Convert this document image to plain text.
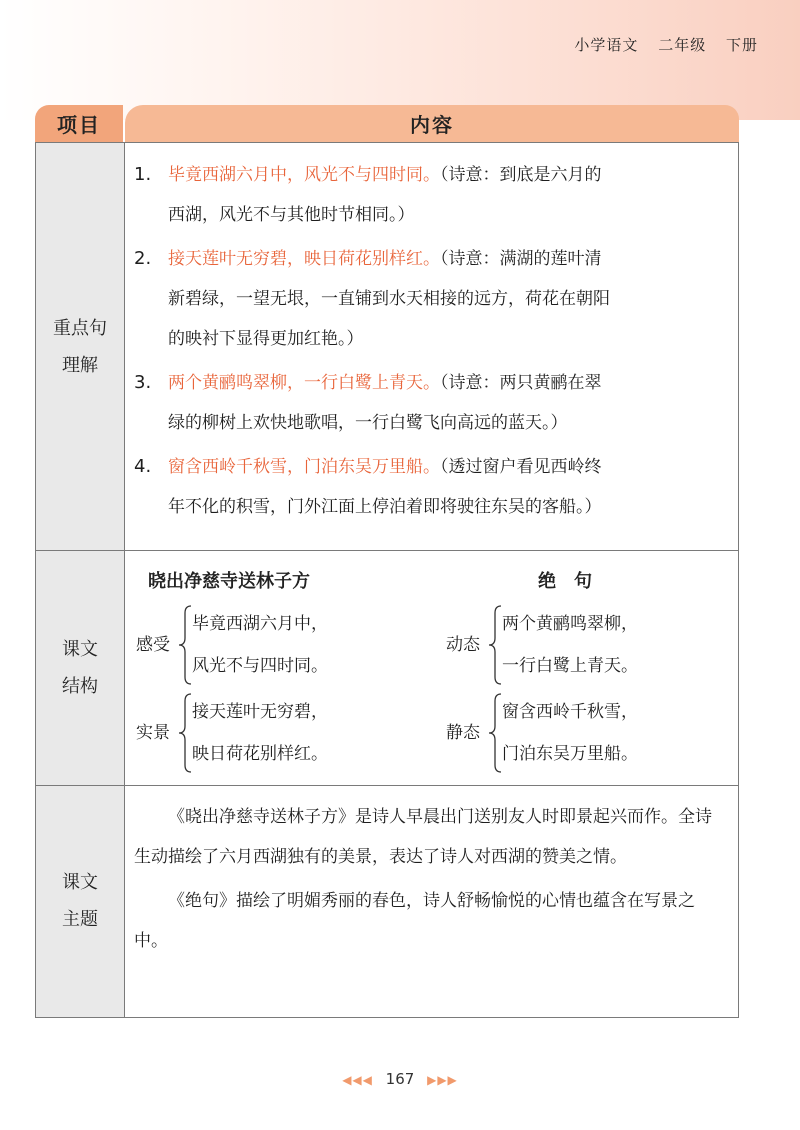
小学语文 二年级 下册
项目	内容
重点句
理解
1. 毕竟西湖六月中，风光不与四时同。（诗意：到底是六月的
西湖，风光不与其他时节相同。）
2. 接天莲叶无穷碧，映日荷花别样红。（诗意：满湖的莲叶清
新碧绿，一望无垠，一直铺到水天相接的远方，荷花在朝阳
的映衬下显得更加红艳。）
3. 两个黄鹂鸣翠柳，一行白鹭上青天。（诗意：两只黄鹂在翠
绿的柳树上欢快地歌唱，一行白鹭飞向高远的蓝天。）
4. 窗含西岭千秋雪，门泊东吴万里船。（透过窗户看见西岭终
年不化的积雪，门外江面上停泊着即将驶往东吴的客船。）
课文
结构
晓出净慈寺送林子方	绝　句
感受
毕竟西湖六月中，
风光不与四时同。
实景
接天莲叶无穷碧，
映日荷花别样红。
动态
两个黄鹂鸣翠柳，
一行白鹭上青天。
静态
窗含西岭千秋雪，
门泊东吴万里船。
课文
主题

《晓出净慈寺送林子方》是诗人早晨出门送别友人时即景起兴而作。全诗生动描绘了六月西湖独有的美景，表达了诗人对西湖的赞美之情。

《绝句》描绘了明媚秀丽的春色，诗人舒畅愉悦的心情也蕴含在写景之中。

◀◀◀ 167 ▶▶▶
